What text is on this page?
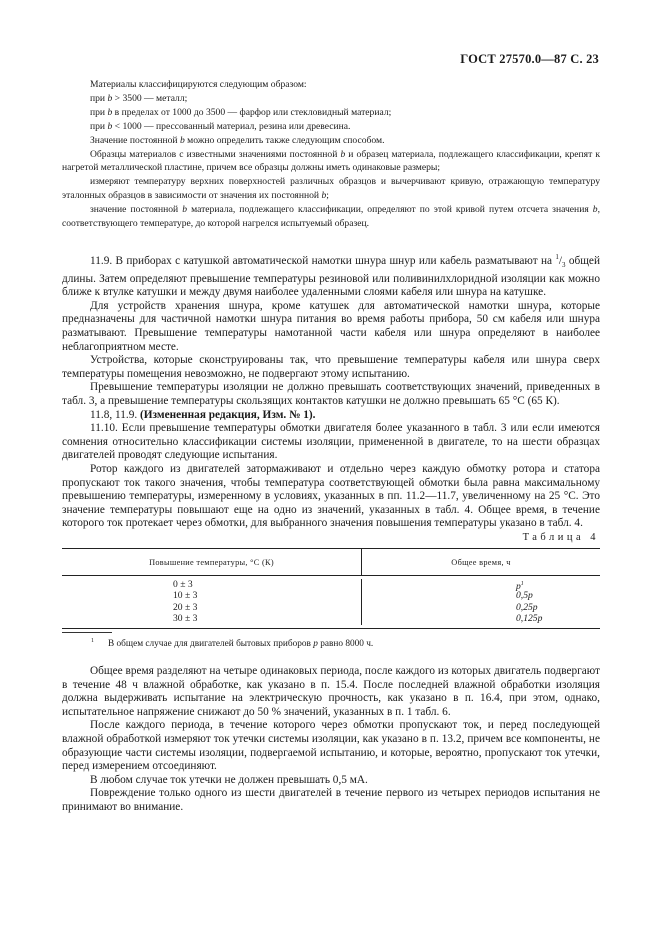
ГОСТ 27570.0—87 С. 23

Материалы классифицируются следующим образом:

при b > 3500 — металл;

при b в пределах от 1000 до 3500 — фарфор или стекловидный материал;

при b < 1000 — прессованный материал, резина или древесина.

Значение постоянной b можно определить также следующим способом.

Образцы материалов с известными значениями постоянной b и образец материала, подлежащего классификации, крепят к нагретой металлической пластине, причем все образцы должны иметь одинаковые размеры;

измеряют температуру верхних поверхностей различных образцов и вычерчивают кривую, отражающую температуру эталонных образцов в зависимости от значения их постоянной b;

значение постоянной b материала, подлежащего классификации, определяют по этой кривой путем отсчета значения b, соответствующего температуре, до которой нагрелся испытуемый образец.

11.9. В приборах с катушкой автоматической намотки шнура шнур или кабель разматывают на $^1/_3$ общей длины. Затем определяют превышение температуры резиновой или поливинилхлоридной изоляции как можно ближе к втулке катушки и между двумя наиболее удаленными слоями кабеля или шнура на катушке.

Для устройств хранения шнура, кроме катушек для автоматической намотки шнура, которые предназначены для частичной намотки шнура питания во время работы прибора, 50 см кабеля или шнура разматывают. Превышение температуры намотанной части кабеля или шнура определяют в наиболее неблагоприятном месте.

Устройства, которые сконструированы так, что превышение температуры кабеля или шнура сверх температуры помещения невозможно, не подвергают этому испытанию.

Превышение температуры изоляции не должно превышать соответствующих значений, приведенных в табл. 3, а превышение температуры скользящих контактов катушки не должно превышать 65 °С (65 К).

11.8, 11.9. (Измененная редакция, Изм. № 1).

11.10. Если превышение температуры обмотки двигателя более указанного в табл. 3 или если имеются сомнения относительно классификации системы изоляции, примененной в двигателе, то на шести образцах двигателей проводят следующие испытания.

Ротор каждого из двигателей затормаживают и отдельно через каждую обмотку ротора и статора пропускают ток такого значения, чтобы температура соответствующей обмотки была равна максимальному превышению температуры, измеренному в условиях, указанных в пп. 11.2—11.7, увеличенному на 25 °С. Это значение температуры повышают еще на одно из значений, указанных в табл. 4. Общее время, в течение которого ток протекает через обмотки, для выбранного значения повышения температуры указано в табл. 4.

Таблица 4
Повышение температуры, °С (К)	Общее время, ч
0 ± 3
10 ± 3
20 ± 3
30 ± 3
$p^1$
0,5p
0,25p
0,125p
1 В общем случае для двигателей бытовых приборов p равно 8000 ч.

Общее время разделяют на четыре одинаковых периода, после каждого из которых двигатель подвергают в течение 48 ч влажной обработке, как указано в п. 15.4. После последней влажной обработки изоляция должна выдерживать испытание на электрическую прочность, как указано в п. 16.4, при этом, однако, испытательное напряжение снижают до 50 % значений, указанных в п. 1 табл. 6.

После каждого периода, в течение которого через обмотки пропускают ток, и перед последующей влажной обработкой измеряют ток утечки системы изоляции, как указано в п. 13.2, причем все компоненты, не образующие части системы изоляции, подвергаемой испытанию, и которые, вероятно, пропускают ток утечки, перед измерением отсоединяют.

В любом случае ток утечки не должен превышать 0,5 мА.

Повреждение только одного из шести двигателей в течение первого из четырех периодов испытания не принимают во внимание.
